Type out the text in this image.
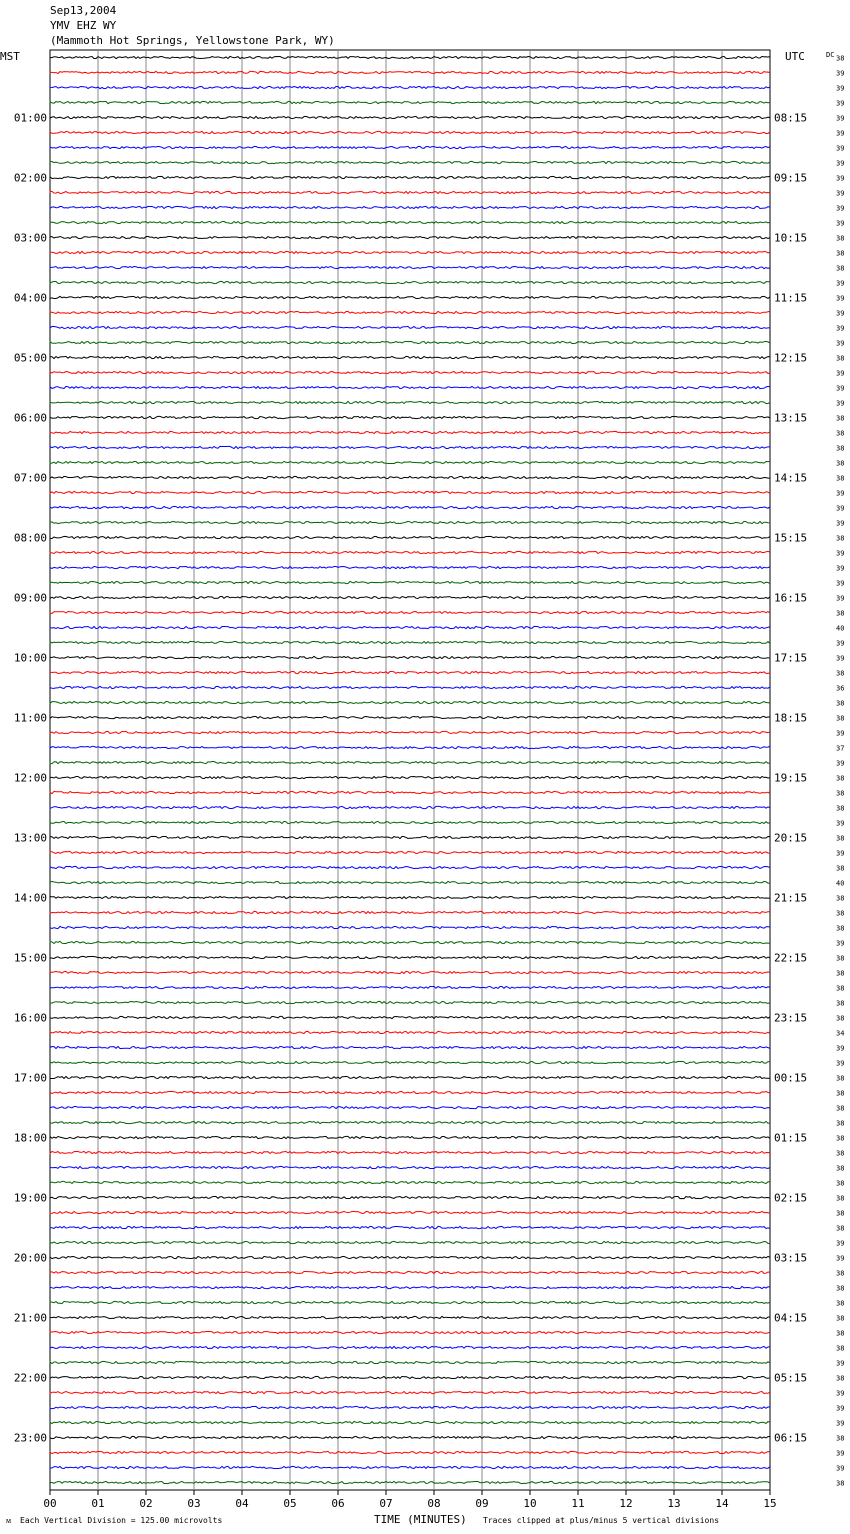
Sep13,2004
YMV EHZ WY
(Mammoth Hot Springs, Yellowstone Park, WY)
MST	UTC	DC 38
39
39
39
39
39
39
39
39
39
39
39
38
38
38
39
39
39
39
39
38
39
39
39
38
38
38
38
38
39
39
39
38
39
39
39
39
38
40
39
39
38
36
38
38
39
37
39
38
38
38
39
38
39
38
40
38
38
38
39
38
38
38
38
38
34
39
39
38
38
38
38
38
38
38
38
38
38
38
39
39
38
38
38
38
38
38
39
38
39
39
39
38
39
39
38
01:00	08:15
02:00	09:15
03:00	10:15
04:00	11:15
05:00	12:15
06:00	13:15
07:00	14:15
08:00	15:15
09:00	16:15
10:00	17:15
11:00	18:15
12:00	19:15
13:00	20:15
14:00	21:15
15:00	22:15
16:00	23:15
17:00	00:15
18:00	01:15
19:00	02:15
20:00	03:15
21:00	04:15
22:00	05:15
23:00	06:15
00	01	02	03	04	05	06	07	08	09	10	11	12	13	14	15
ᴍ Each Vertical Division = 125.00 microvolts	TIME (MINUTES) Traces clipped at plus/minus 5 vertical divisions
